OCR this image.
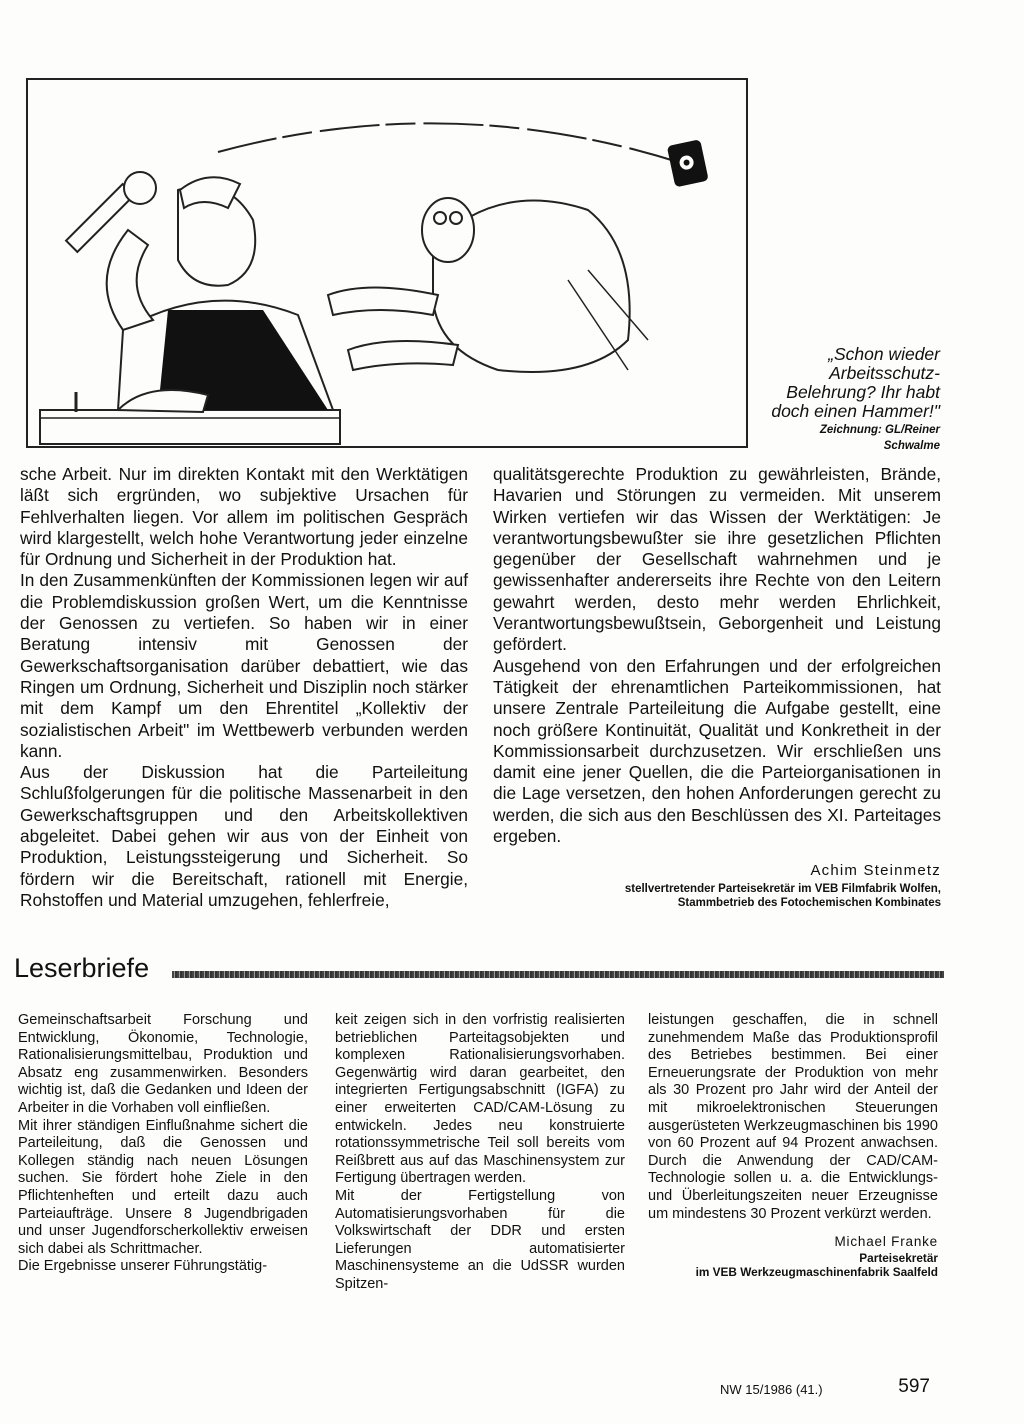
„Schon wieder Arbeitsschutz-Belehrung? Ihr habt doch einen Hammer!"
Zeichnung: GL/Reiner
Schwalme

sche Arbeit. Nur im direkten Kontakt mit den Werktätigen läßt sich ergründen, wo subjektive Ursachen für Fehlverhalten liegen. Vor allem im politischen Gespräch wird klargestellt, welch hohe Verantwortung jeder einzelne für Ordnung und Sicherheit in der Produktion hat.

In den Zusammenkünften der Kommissionen legen wir auf die Problemdiskussion großen Wert, um die Kenntnisse der Genossen zu vertiefen. So haben wir in einer Beratung intensiv mit Genossen der Gewerkschaftsorganisation darüber debattiert, wie das Ringen um Ordnung, Sicherheit und Disziplin noch stärker mit dem Kampf um den Ehrentitel „Kollektiv der sozialistischen Arbeit" im Wettbewerb verbunden werden kann.

Aus der Diskussion hat die Parteileitung Schlußfolgerungen für die politische Massenarbeit in den Gewerkschaftsgruppen und den Arbeitskollektiven abgeleitet. Dabei gehen wir aus von der Einheit von Produktion, Leistungssteigerung und Sicherheit. So fördern wir die Bereitschaft, rationell mit Energie, Rohstoffen und Material umzugehen, fehlerfreie,

qualitätsgerechte Produktion zu gewährleisten, Brände, Havarien und Störungen zu vermeiden. Mit unserem Wirken vertiefen wir das Wissen der Werktätigen: Je verantwortungsbewußter sie ihre gesetzlichen Pflichten gegenüber der Gesellschaft wahrnehmen und je gewissenhafter andererseits ihre Rechte von den Leitern gewahrt werden, desto mehr werden Ehrlichkeit, Verantwortungsbewußtsein, Geborgenheit und Leistung gefördert.

Ausgehend von den Erfahrungen und der erfolgreichen Tätigkeit der ehrenamtlichen Parteikommissionen, hat unsere Zentrale Parteileitung die Aufgabe gestellt, eine noch größere Kontinuität, Qualität und Konkretheit in der Kommissionsarbeit durchzusetzen. Wir erschließen uns damit eine jener Quellen, die die Parteiorganisationen in die Lage versetzen, den hohen Anforderungen gerecht zu werden, die sich aus den Beschlüssen des XI. Parteitages ergeben.

Achim Steinmetz
stellvertretender Parteisekretär im VEB Filmfabrik Wolfen,
Stammbetrieb des Fotochemischen Kombinates
Leserbriefe

Gemeinschaftsarbeit Forschung und Entwicklung, Ökonomie, Technologie, Rationalisierungsmittelbau, Produktion und Absatz eng zusammenwirken. Besonders wichtig ist, daß die Gedanken und Ideen der Arbeiter in die Vorhaben voll einfließen.

Mit ihrer ständigen Einflußnahme sichert die Parteileitung, daß die Genossen und Kollegen ständig nach neuen Lösungen suchen. Sie fördert hohe Ziele in den Pflichtenheften und erteilt dazu auch Parteiaufträge. Unsere 8 Jugendbrigaden und unser Jugendforscherkollektiv erweisen sich dabei als Schrittmacher.

Die Ergebnisse unserer Führungstätig-

keit zeigen sich in den vorfristig realisierten betrieblichen Parteitagsobjekten und komplexen Rationalisierungsvorhaben. Gegenwärtig wird daran gearbeitet, den integrierten Fertigungsabschnitt (IGFA) zu einer erweiterten CAD/CAM-Lösung zu entwickeln. Jedes neu konstruierte rotationssymmetrische Teil soll bereits vom Reißbrett aus auf das Maschinensystem zur Fertigung übertragen werden.

Mit der Fertigstellung von Automatisierungsvorhaben für die Volkswirtschaft der DDR und ersten Lieferungen automatisierter Maschinensysteme an die UdSSR wurden Spitzen-

leistungen geschaffen, die in schnell zunehmendem Maße das Produktionsprofil des Betriebes bestimmen. Bei einer Erneuerungsrate der Produktion von mehr als 30 Prozent pro Jahr wird der Anteil der mit mikroelektronischen Steuerungen ausgerüsteten Werkzeugmaschinen bis 1990 von 60 Prozent auf 94 Prozent anwachsen. Durch die Anwendung der CAD/CAM-Technologie sollen u. a. die Entwicklungs- und Überleitungszeiten neuer Erzeugnisse um mindestens 30 Prozent verkürzt werden.

Michael Franke
Parteisekretär
im VEB Werkzeugmaschinenfabrik Saalfeld
NW 15/1986 (41.)	597
